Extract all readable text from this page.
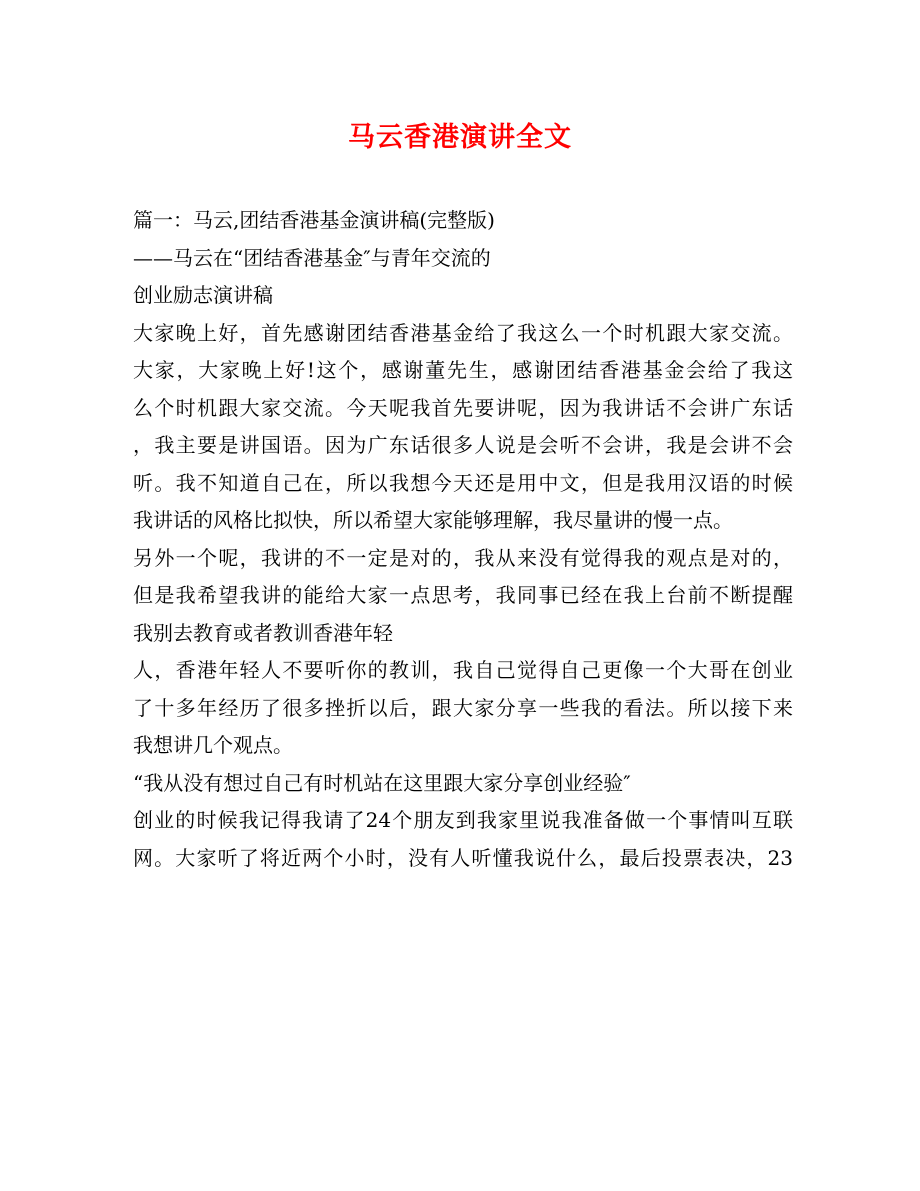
马云香港演讲全文
篇一：马云,团结香港基金演讲稿(完整版)
——马云在“团结香港基金″与青年交流的
创业励志演讲稿
大家晚上好，首先感谢团结香港基金给了我这么一个时机跟大家交流。
大家，大家晚上好!这个，感谢董先生，感谢团结香港基金会给了我这
么个时机跟大家交流。今天呢我首先要讲呢，因为我讲话不会讲广东话
，我主要是讲国语。因为广东话很多人说是会听不会讲，我是会讲不会
听。我不知道自己在，所以我想今天还是用中文，但是我用汉语的时候
我讲话的风格比拟快，所以希望大家能够理解，我尽量讲的慢一点。
另外一个呢，我讲的不一定是对的，我从来没有觉得我的观点是对的，
但是我希望我讲的能给大家一点思考，我同事已经在我上台前不断提醒
我别去教育或者教训香港年轻
人，香港年轻人不要听你的教训，我自己觉得自己更像一个大哥在创业
了十多年经历了很多挫折以后，跟大家分享一些我的看法。所以接下来
我想讲几个观点。
“我从没有想过自己有时机站在这里跟大家分享创业经验″
创业的时候我记得我请了24个朋友到我家里说我准备做一个事情叫互联
网。大家听了将近两个小时，没有人听懂我说什么，最后投票表决，23
